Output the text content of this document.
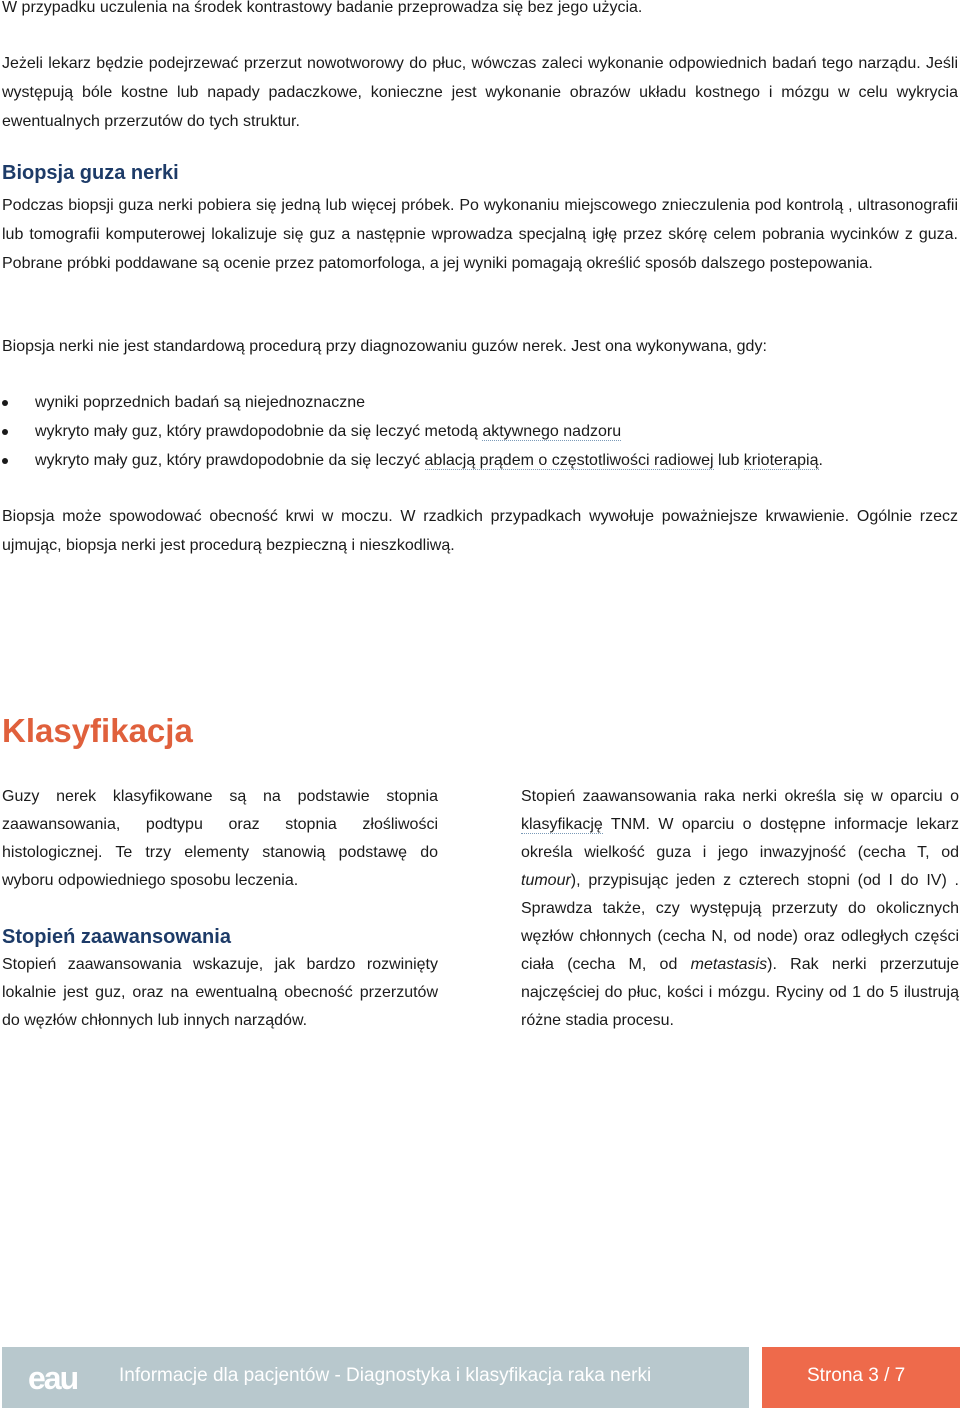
W przypadku uczulenia na środek kontrastowy badanie przeprowadza się bez jego użycia.

Jeżeli lekarz będzie podejrzewać przerzut nowotworowy do płuc, wówczas zaleci wykonanie odpowiednich badań tego narządu. Jeśli występują bóle kostne lub napady padaczkowe, konieczne jest wykonanie obrazów układu kostnego i mózgu w celu wykrycia ewentualnych przerzutów do tych struktur.

Biopsja guza nerki

Podczas biopsji guza nerki pobiera się jedną lub więcej próbek. Po wykonaniu miejscowego znieczulenia pod kontrolą , ultrasonografii lub tomografii komputerowej lokalizuje się guz a następnie wprowadza specjalną igłę przez skórę celem pobrania wycinków z guza. Pobrane próbki poddawane są ocenie przez patomorfologa, a jej wyniki pomagają określić sposób dalszego postepowania.

Biopsja nerki nie jest standardową procedurą przy diagnozowaniu guzów nerek. Jest ona wykonywana, gdy:

wyniki poprzednich badań są niejednoznaczne
wykryto mały guz, który prawdopodobnie da się leczyć metodą aktywnego nadzoru
wykryto mały guz, który prawdopodobnie da się leczyć ablacją prądem o częstotliwości radiowej lub krioterapią.

Biopsja może spowodować obecność krwi w moczu. W rzadkich przypadkach wywołuje poważniejsze krwawienie. Ogólnie rzecz ujmując, biopsja nerki jest procedurą bezpieczną i nieszkodliwą.

Klasyfikacja

Guzy nerek klasyfikowane są na podstawie stopnia zaawansowania, podtypu oraz stopnia złośliwości histologicznej. Te trzy elementy stanowią podstawę do wyboru odpowiedniego sposobu leczenia.

Stopień zaawansowania

Stopień zaawansowania wskazuje, jak bardzo rozwinięty lokalnie jest guz, oraz na ewentualną obecność przerzutów do węzłów chłonnych lub innych narządów.

Stopień zaawansowania raka nerki określa się w oparciu o klasyfikację TNM. W oparciu o dostępne informacje lekarz określa wielkość guza i jego inwazyjność (cecha T, od tumour), przypisując jeden z czterech stopni (od I do IV) . Sprawdza także, czy występują przerzuty do okolicznych węzłów chłonnych (cecha N, od node) oraz odległych części ciała (cecha M, od metastasis). Rak nerki przerzutuje najczęściej do płuc, kości i mózgu. Ryciny od 1 do 5 ilustrują różne stadia procesu.

eau Informacje dla pacjentów - Diagnostyka i klasyfikacja raka nerki	Strona 3 / 7
